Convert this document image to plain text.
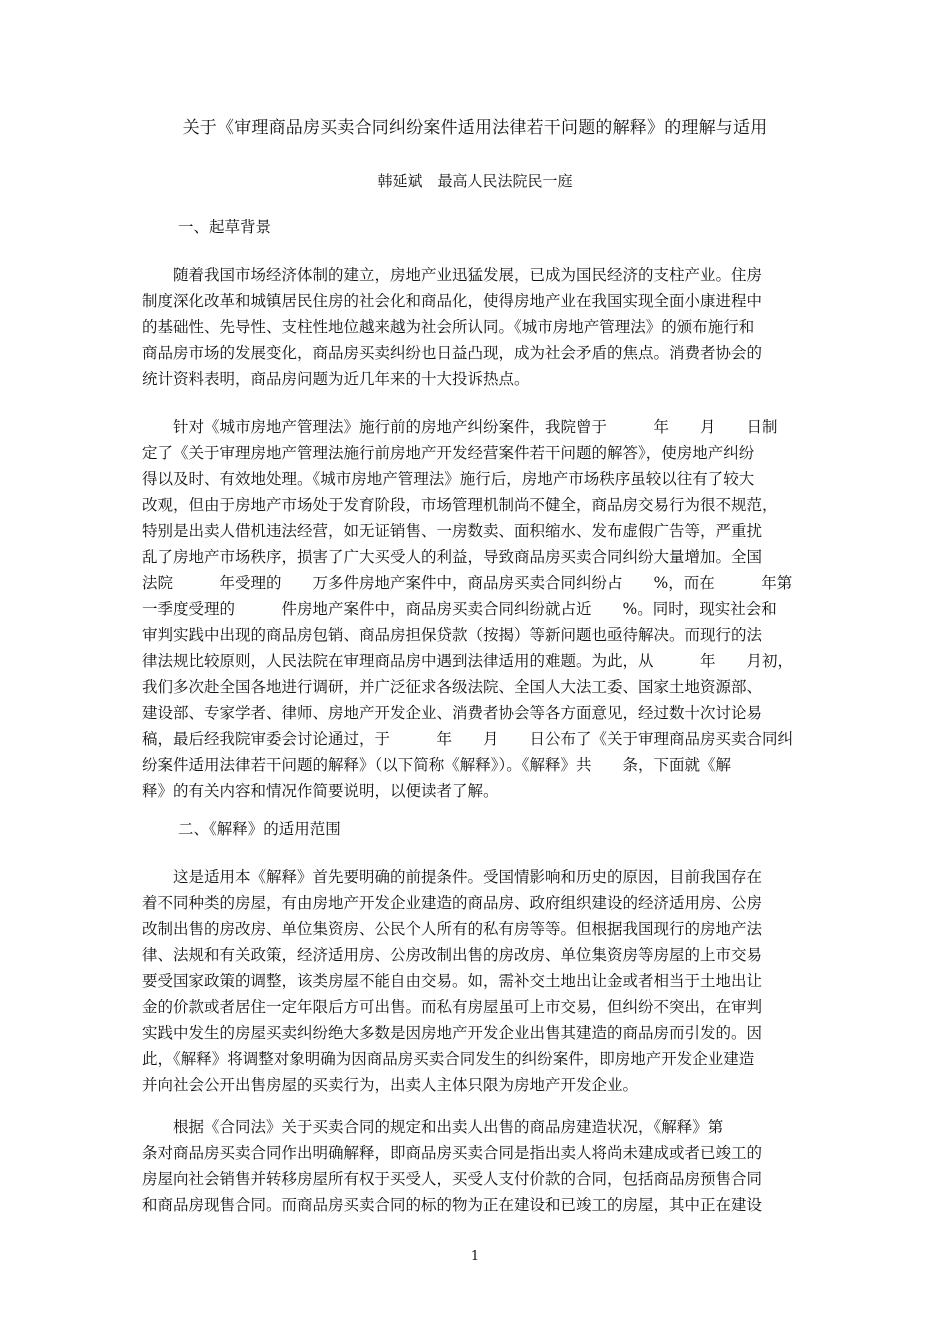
关于《审理商品房买卖合同纠纷案件适用法律若干问题的解释》的理解与适用
韩延斌　最高人民法院民一庭
一、起草背景
　　随着我国市场经济体制的建立，房地产业迅猛发展，已成为国民经济的支柱产业。住房
制度深化改革和城镇居民住房的社会化和商品化，使得房地产业在我国实现全面小康进程中
的基础性、先导性、支柱性地位越来越为社会所认同。《城市房地产管理法》的颁布施行和
商品房市场的发展变化，商品房买卖纠纷也日益凸现，成为社会矛盾的焦点。消费者协会的
统计资料表明，商品房问题为近几年来的十大投诉热点。
　　针对《城市房地产管理法》施行前的房地产纠纷案件，我院曾于　　　年　　月　　日制
定了《关于审理房地产管理法施行前房地产开发经营案件若干问题的解答》，使房地产纠纷
得以及时、有效地处理。《城市房地产管理法》施行后，房地产市场秩序虽较以往有了较大
改观，但由于房地产市场处于发育阶段，市场管理机制尚不健全，商品房交易行为很不规范，
特别是出卖人借机违法经营，如无证销售、一房数卖、面积缩水、发布虚假广告等，严重扰
乱了房地产市场秩序，损害了广大买受人的利益，导致商品房买卖合同纠纷大量增加。全国
法院　　　年受理的　　万多件房地产案件中，商品房买卖合同纠纷占　　%，而在　　　年第
一季度受理的　　　件房地产案件中，商品房买卖合同纠纷就占近　　%。同时，现实社会和
审判实践中出现的商品房包销、商品房担保贷款（按揭）等新问题也亟待解决。而现行的法
律法规比较原则，人民法院在审理商品房中遇到法律适用的难题。为此，从　　　年　　月初，
我们多次赴全国各地进行调研，并广泛征求各级法院、全国人大法工委、国家土地资源部、
建设部、专家学者、律师、房地产开发企业、消费者协会等各方面意见，经过数十次讨论易
稿，最后经我院审委会讨论通过，于　　　年　　月　　日公布了《关于审理商品房买卖合同纠
纷案件适用法律若干问题的解释》（以下简称《解释》）。《解释》共　　条，下面就《解
释》的有关内容和情况作简要说明，以便读者了解。
二、《解释》的适用范围
　　这是适用本《解释》首先要明确的前提条件。受国情影响和历史的原因，目前我国存在
着不同种类的房屋，有由房地产开发企业建造的商品房、政府组织建设的经济适用房、公房
改制出售的房改房、单位集资房、公民个人所有的私有房等等。但根据我国现行的房地产法
律、法规和有关政策，经济适用房、公房改制出售的房改房、单位集资房等房屋的上市交易
要受国家政策的调整，该类房屋不能自由交易。如，需补交土地出让金或者相当于土地出让
金的价款或者居住一定年限后方可出售。而私有房屋虽可上市交易，但纠纷不突出，在审判
实践中发生的房屋买卖纠纷绝大多数是因房地产开发企业出售其建造的商品房而引发的。因
此，《解释》将调整对象明确为因商品房买卖合同发生的纠纷案件，即房地产开发企业建造
并向社会公开出售房屋的买卖行为，出卖人主体只限为房地产开发企业。
　　根据《合同法》关于买卖合同的规定和出卖人出售的商品房建造状况，《解释》第
条对商品房买卖合同作出明确解释，即商品房买卖合同是指出卖人将尚未建成或者已竣工的
房屋向社会销售并转移房屋所有权于买受人，买受人支付价款的合同，包括商品房预售合同
和商品房现售合同。而商品房买卖合同的标的物为正在建设和已竣工的房屋，其中正在建设
1
